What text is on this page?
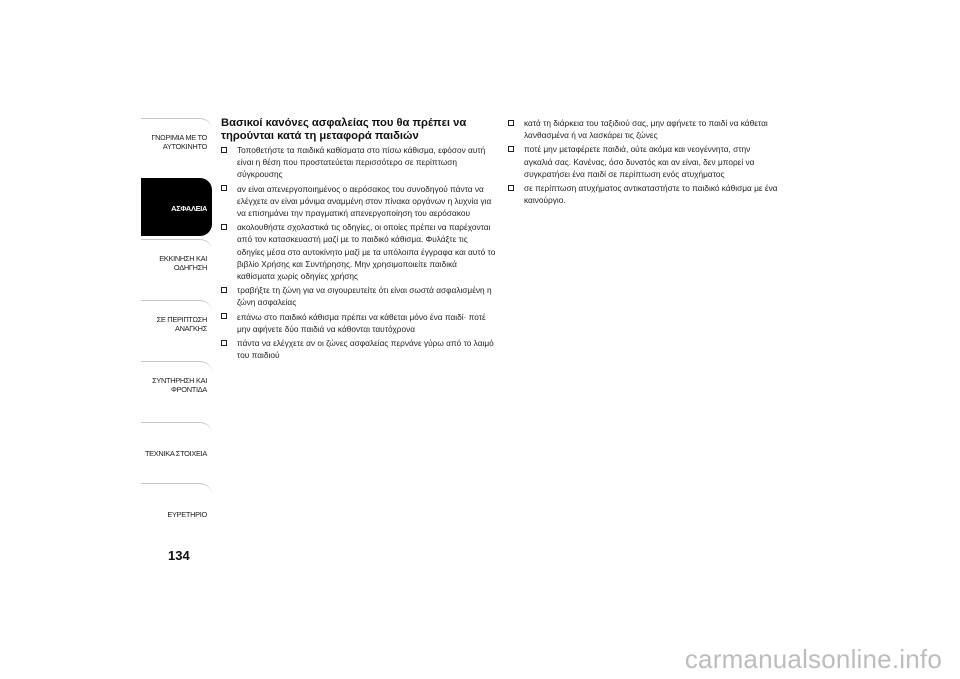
ΓΝΩΡΙΜΙΑ ΜΕ ΤΟ
ΑΥΤΟΚΙΝΗΤΟ
ΑΣΦΑΛΕΙΑ
ΕΚΚΙΝΗΣΗ ΚΑΙ
ΟΔΗΓΗΣΗ
ΣΕ ΠΕΡΙΠΤΩΣΗ
ΑΝΑΓΚΗΣ
ΣΥΝΤΗΡΗΣΗ ΚΑΙ
ΦΡΟΝΤΙΔΑ
ΤΕΧΝΙΚΑ ΣΤΟΙΧΕΙΑ
ΕΥΡΕΤΗΡΙΟ
134
Βασικοί κανόνες ασφαλείας που θα πρέπει να τηρούνται κατά τη μεταφορά παιδιών
Τοποθετήστε τα παιδικά καθίσματα στο πίσω κάθισμα, εφόσον αυτή είναι η θέση που προστατεύεται περισσότερο σε περίπτωση σύγκρουσης
αν είναι απενεργοποιημένος ο αερόσακος του συνοδηγού πάντα να ελέγχετε αν είναι μόνιμα αναμμένη στον πίνακα οργάνων η λυχνία για να επισημάνει την πραγματική απενεργοποίηση του αερόσακου
ακολουθήστε σχολαστικά τις οδηγίες, οι οποίες πρέπει να παρέχονται από τον κατασκευαστή μαζί με το παιδικό κάθισμα. Φυλάξτε τις οδηγίες μέσα στο αυτοκίνητο μαζί με τα υπόλοιπα έγγραφα και αυτό το βιβλίο Χρήσης και Συντήρησης. Μην χρησιμοποιείτε παιδικά καθίσματα χωρίς οδηγίες χρήσης
τραβήξτε τη ζώνη για να σιγουρευτείτε ότι είναι σωστά ασφαλισμένη η ζώνη ασφαλείας
επάνω στο παιδικό κάθισμα πρέπει να κάθεται μόνο ένα παιδί· ποτέ μην αφήνετε δύο παιδιά να κάθονται ταυτόχρονα
πάντα να ελέγχετε αν οι ζώνες ασφαλείας περνάνε γύρω από το λαιμό του παιδιού
κατά τη διάρκεια του ταξιδιού σας, μην αφήνετε το παιδί να κάθεται λανθασμένα ή να λασκάρει τις ζώνες
ποτέ μην μεταφέρετε παιδιά, ούτε ακόμα και νεογέννητα, στην αγκαλιά σας. Κανένας, όσο δυνατός και αν είναι, δεν μπορεί να συγκρατήσει ένα παιδί σε περίπτωση ενός ατυχήματος
σε περίπτωση ατυχήματος αντικαταστήστε το παιδικό κάθισμα με ένα καινούργιο.
carmanualsonline.info
